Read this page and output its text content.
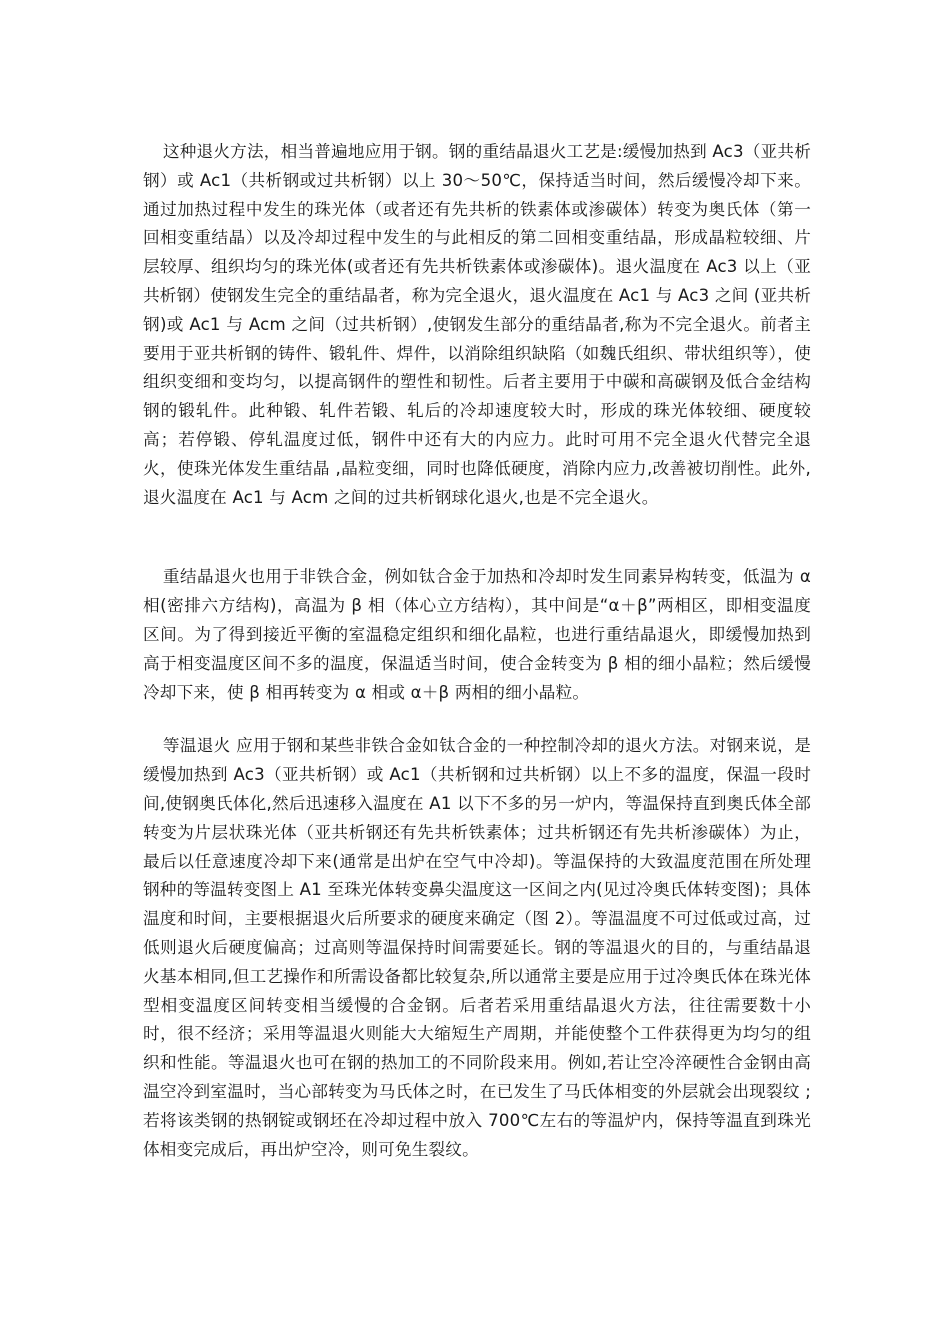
这种退火方法，相当普遍地应用于钢。钢的重结晶退火工艺是:缓慢加热到 Ac3（亚共析钢）或 Ac1（共析钢或过共析钢）以上 30～50℃，保持适当时间，然后缓慢冷却下来。通过加热过程中发生的珠光体（或者还有先共析的铁素体或渗碳体）转变为奥氏体（第一回相变重结晶）以及冷却过程中发生的与此相反的第二回相变重结晶，形成晶粒较细、片层较厚、组织均匀的珠光体(或者还有先共析铁素体或渗碳体)。退火温度在 Ac3 以上（亚共析钢）使钢发生完全的重结晶者，称为完全退火，退火温度在 Ac1 与 Ac3 之间 (亚共析钢)或 Ac1 与 Acm 之间（过共析钢）,使钢发生部分的重结晶者,称为不完全退火。前者主要用于亚共析钢的铸件、锻轧件、焊件，以消除组织缺陷（如魏氏组织、带状组织等），使组织变细和变均匀，以提高钢件的塑性和韧性。后者主要用于中碳和高碳钢及低合金结构钢的锻轧件。此种锻、轧件若锻、轧后的冷却速度较大时，形成的珠光体较细、硬度较高；若停锻、停轧温度过低，钢件中还有大的内应力。此时可用不完全退火代替完全退火，使珠光体发生重结晶 ,晶粒变细，同时也降低硬度，消除内应力,改善被切削性。此外,退火温度在 Ac1 与 Acm 之间的过共析钢球化退火,也是不完全退火。

重结晶退火也用于非铁合金，例如钛合金于加热和冷却时发生同素异构转变，低温为 α 相(密排六方结构)，高温为 β 相（体心立方结构），其中间是“α＋β”两相区，即相变温度区间。为了得到接近平衡的室温稳定组织和细化晶粒，也进行重结晶退火，即缓慢加热到高于相变温度区间不多的温度，保温适当时间，使合金转变为 β 相的细小晶粒；然后缓慢冷却下来，使 β 相再转变为 α 相或 α＋β 两相的细小晶粒。

等温退火 应用于钢和某些非铁合金如钛合金的一种控制冷却的退火方法。对钢来说，是缓慢加热到 Ac3（亚共析钢）或 Ac1（共析钢和过共析钢）以上不多的温度，保温一段时间,使钢奥氏体化,然后迅速移入温度在 A1 以下不多的另一炉内，等温保持直到奥氏体全部转变为片层状珠光体（亚共析钢还有先共析铁素体；过共析钢还有先共析渗碳体）为止，最后以任意速度冷却下来(通常是出炉在空气中冷却)。等温保持的大致温度范围在所处理钢种的等温转变图上 A1 至珠光体转变鼻尖温度这一区间之内(见过冷奥氏体转变图)；具体温度和时间，主要根据退火后所要求的硬度来确定（图 2）。等温温度不可过低或过高，过低则退火后硬度偏高；过高则等温保持时间需要延长。钢的等温退火的目的，与重结晶退火基本相同,但工艺操作和所需设备都比较复杂,所以通常主要是应用于过冷奥氏体在珠光体型相变温度区间转变相当缓慢的合金钢。后者若采用重结晶退火方法，往往需要数十小时，很不经济；采用等温退火则能大大缩短生产周期，并能使整个工件获得更为均匀的组织和性能。等温退火也可在钢的热加工的不同阶段来用。例如,若让空冷淬硬性合金钢由高温空冷到室温时，当心部转变为马氏体之时，在已发生了马氏体相变的外层就会出现裂纹 ;若将该类钢的热钢锭或钢坯在冷却过程中放入 700℃左右的等温炉内，保持等温直到珠光体相变完成后，再出炉空冷，则可免生裂纹。
